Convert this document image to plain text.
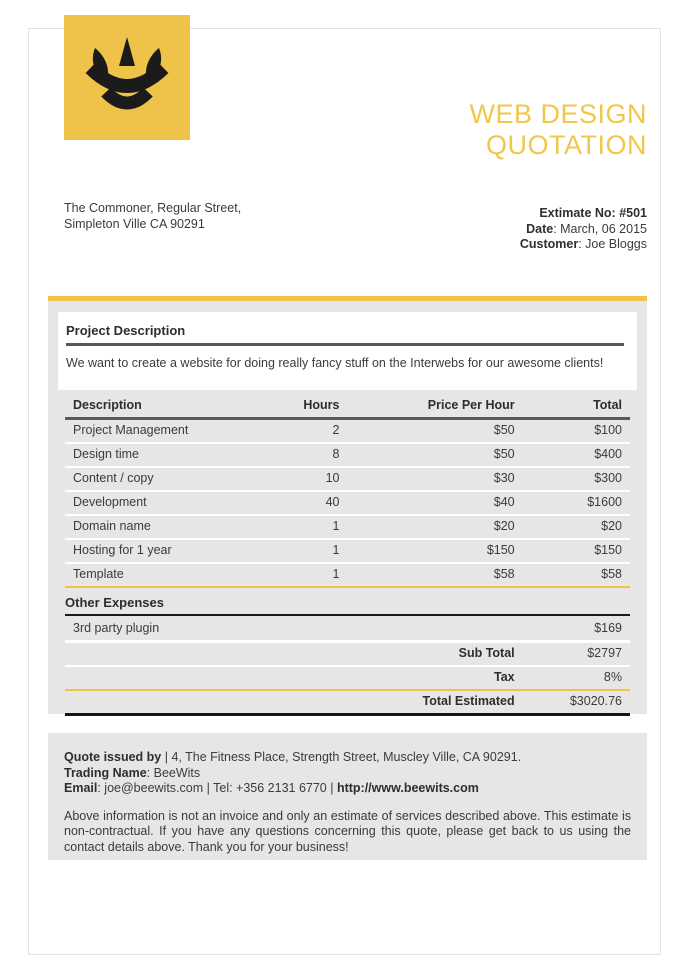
WEB DESIGN
QUOTATION
The Commoner, Regular Street,
Simpleton Ville CA 90291
Extimate No: #501
Date: March, 06 2015
Customer: Joe Bloggs
Project Description

We want to create a website for doing really fancy stuff on the Interwebs for our awesome clients!

Description	Hours	Price Per Hour	Total
Project Management	2	$50	$100
Design time	8	$50	$400
Content / copy	10	$30	$300
Development	40	$40	$1600
Domain name	1	$20	$20
Hosting for 1 year	1	$150	$150
Template	1	$58	$58
Other Expenses
3rd party plugin			$169
		Sub Total	$2797
		Tax	8%
		Total Estimated	$3020.76
Quote issued by | 4, The Fitness Place, Strength Street, Muscley Ville, CA 90291.
Trading Name: BeeWits
Email: joe@beewits.com | Tel: +356 2131 6770 | http://www.beewits.com

Above information is not an invoice and only an estimate of services described above. This estimate is non-contractual. If you have any questions concerning this quote, please get back to us using the contact details above. Thank you for your business!
